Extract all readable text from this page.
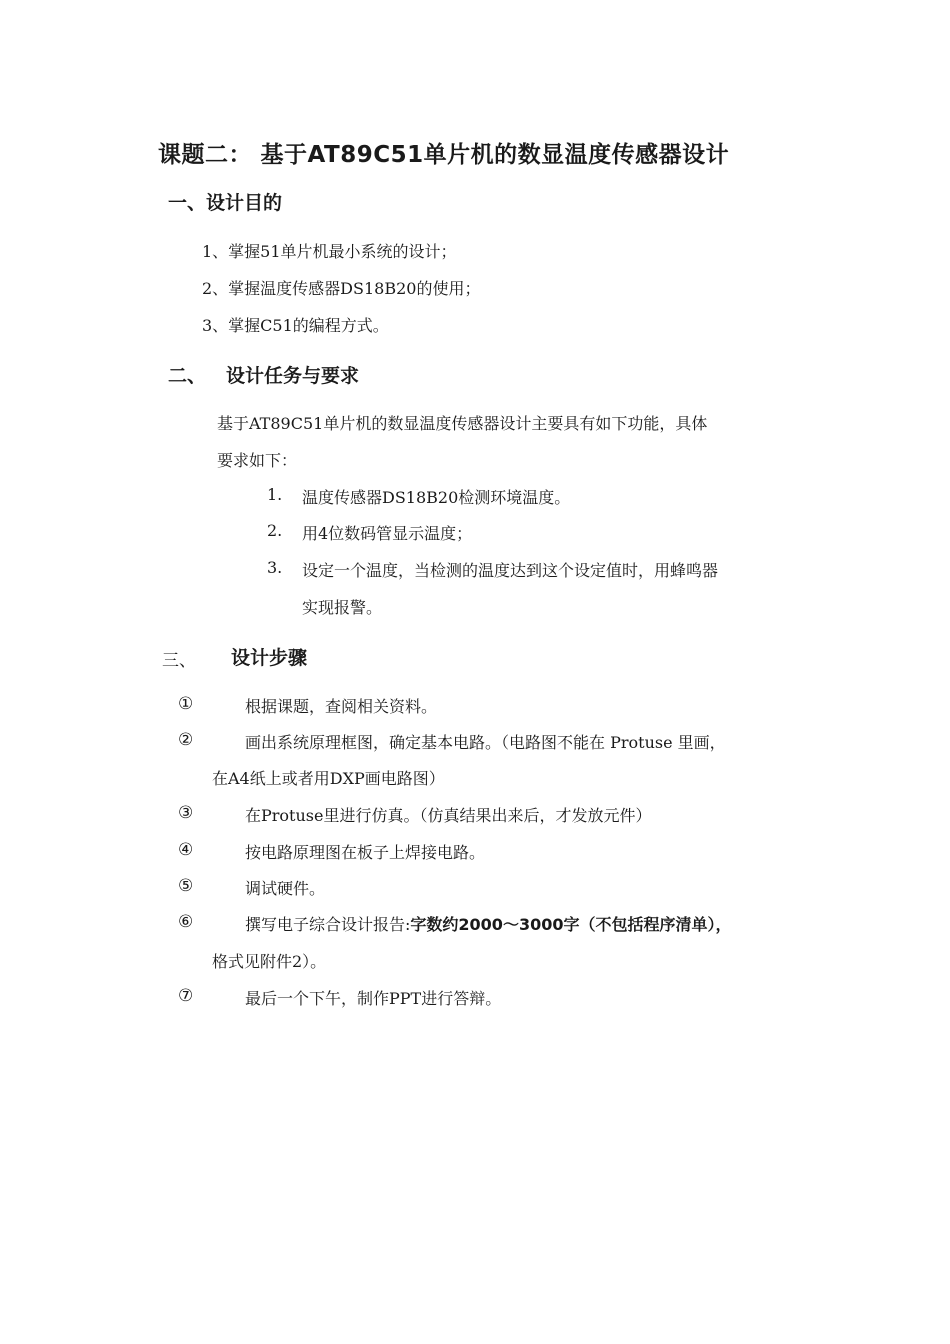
课题二： 基于AT89C51单片机的数显温度传感器设计
一、设计目的
1、掌握51单片机最小系统的设计；
2、掌握温度传感器DS18B20的使用；
3、掌握C51的编程方式。
二、 设计任务与要求
基于AT89C51单片机的数显温度传感器设计主要具有如下功能，具体
要求如下：
1. 温度传感器DS18B20检测环境温度。
2. 用4位数码管显示温度；
3. 设定一个温度，当检测的温度达到这个设定值时，用蜂鸣器
实现报警。
三、 设计步骤
①	根据课题，查阅相关资料。
②	画出系统原理框图，确定基本电路。（电路图不能在 Protuse 里画，
在A4纸上或者用DXP画电路图）
③	在Protuse里进行仿真。（仿真结果出来后，才发放元件）
④	按电路原理图在板子上焊接电路。
⑤	调试硬件。
⑥	撰写电子综合设计报告:字数约2000～3000字（不包括程序清单），
格式见附件2）。
⑦	最后一个下午，制作PPT进行答辩。
